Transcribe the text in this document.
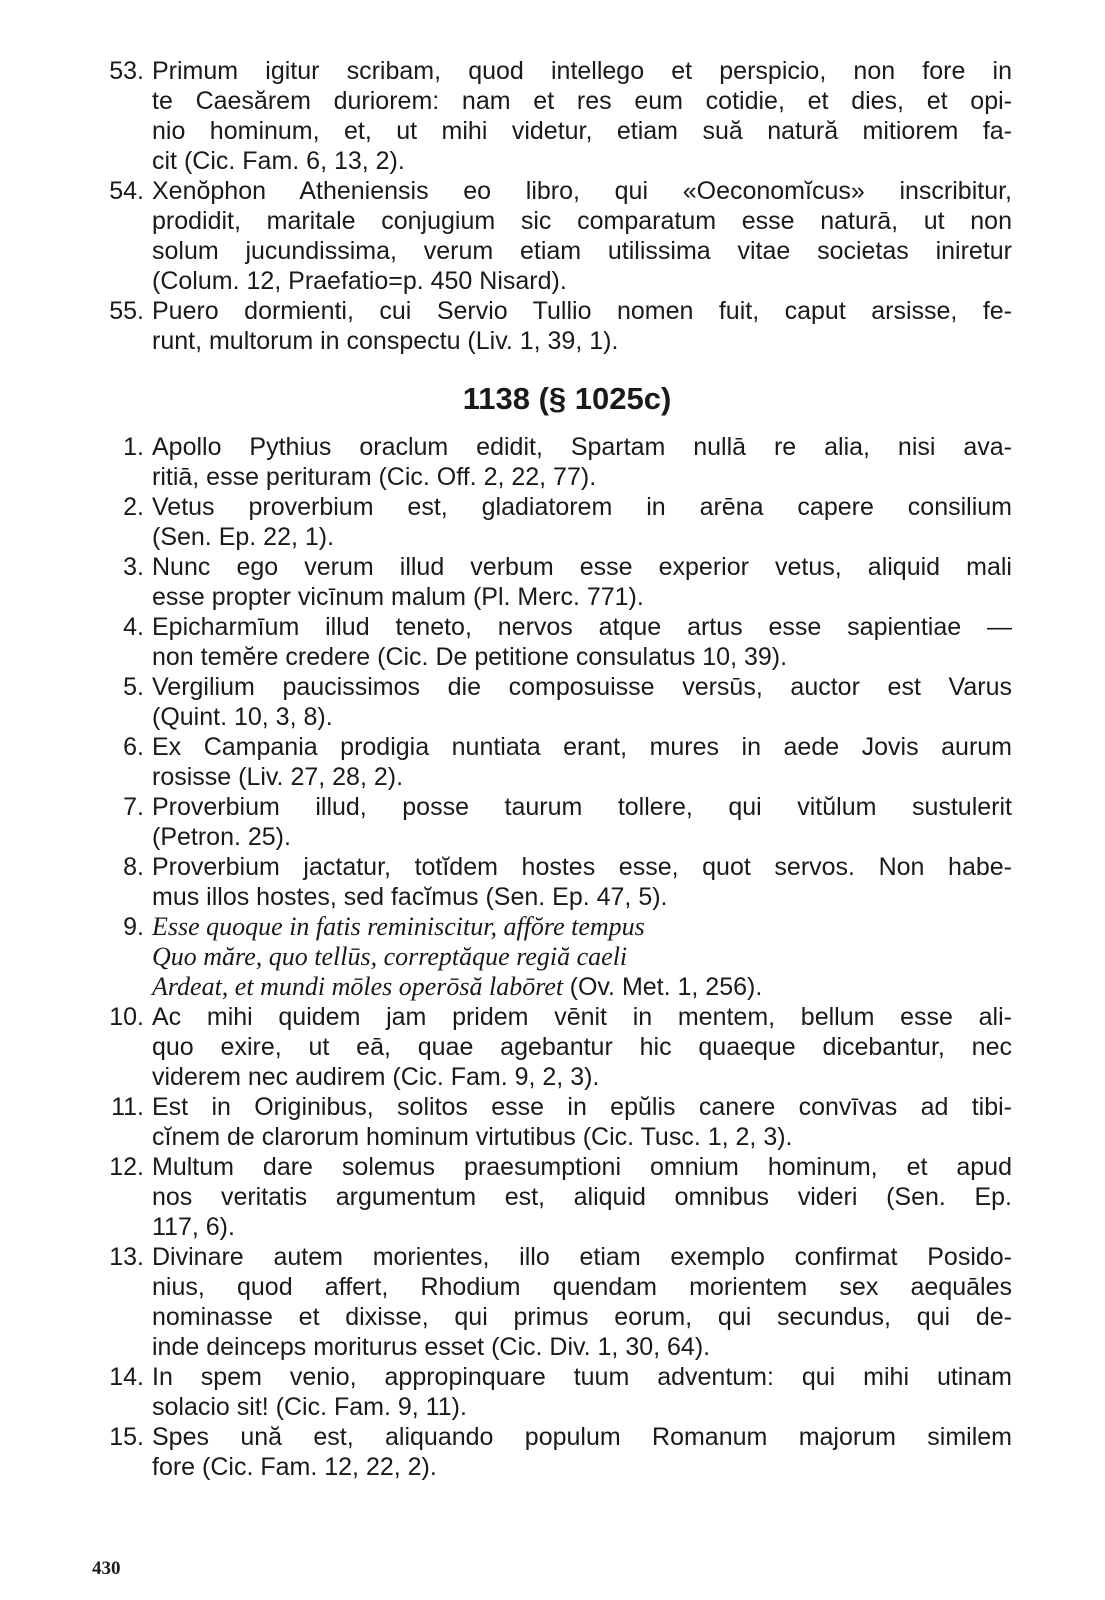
53. Primum igitur scribam, quod intellego et perspicio, non fore in
te Caesărem duriorem: nam et res eum cotidie, et dies, et opi-
nio hominum, et, ut mihi videtur, etiam suă natură mitiorem fa-
cit (Cic. Fam. 6, 13, 2).
54. Xenŏphon Atheniensis eo libro, qui «Oeconomĭcus» inscribitur,
prodidit, maritale conjugium sic comparatum esse naturā, ut non
solum jucundissima, verum etiam utilissima vitae societas iniretur
(Colum. 12, Praefatio=p. 450 Nisard).
55. Puero dormienti, cui Servio Tullio nomen fuit, caput arsisse, fe-
runt, multorum in conspectu (Liv. 1, 39, 1).
1138 (§ 1025c)
1. Apollo Pythius oraclum edidit, Spartam nullā re alia, nisi ava-
ritiā, esse perituram (Cic. Off. 2, 22, 77).
2. Vetus proverbium est, gladiatorem in arēna capere consilium
(Sen. Ep. 22, 1).
3. Nunc ego verum illud verbum esse experior vetus, aliquid mali
esse propter vicīnum malum (Pl. Merc. 771).
4. Epicharmīum illud teneto, nervos atque artus esse sapientiae —
non temĕre credere (Cic. De petitione consulatus 10, 39).
5. Vergilium paucissimos die composuisse versūs, auctor est Varus
(Quint. 10, 3, 8).
6. Ex Campania prodigia nuntiata erant, mures in aede Jovis aurum
rosisse (Liv. 27, 28, 2).
7. Proverbium illud, posse taurum tollere, qui vitŭlum sustulerit
(Petron. 25).
8. Proverbium jactatur, totĭdem hostes esse, quot servos. Non habe-
mus illos hostes, sed facĭmus (Sen. Ep. 47, 5).
9. Esse quoque in fatis reminiscitur, affŏre tempus
Quo măre, quo tellūs, correptăque regiă caeli
Ardeat, et mundi mōles operōsă labōret (Ov. Met. 1, 256).
10. Ac mihi quidem jam pridem vēnit in mentem, bellum esse ali-
quo exire, ut eā, quae agebantur hic quaeque dicebantur, nec
viderem nec audirem (Cic. Fam. 9, 2, 3).
11. Est in Originibus, solitos esse in epŭlis canere convīvas ad tibi-
cĭnem de clarorum hominum virtutibus (Cic. Tusc. 1, 2, 3).
12. Multum dare solemus praesumptioni omnium hominum, et apud
nos veritatis argumentum est, aliquid omnibus videri (Sen. Ep.
117, 6).
13. Divinare autem morientes, illo etiam exemplo confirmat Posido-
nius, quod affert, Rhodium quendam morientem sex aequāles
nominasse et dixisse, qui primus eorum, qui secundus, qui de-
inde deinceps moriturus esset (Cic. Div. 1, 30, 64).
14. In spem venio, appropinquare tuum adventum: qui mihi utinam
solacio sit! (Cic. Fam. 9, 11).
15. Spes ună est, aliquando populum Romanum majorum similem
fore (Cic. Fam. 12, 22, 2).
430
